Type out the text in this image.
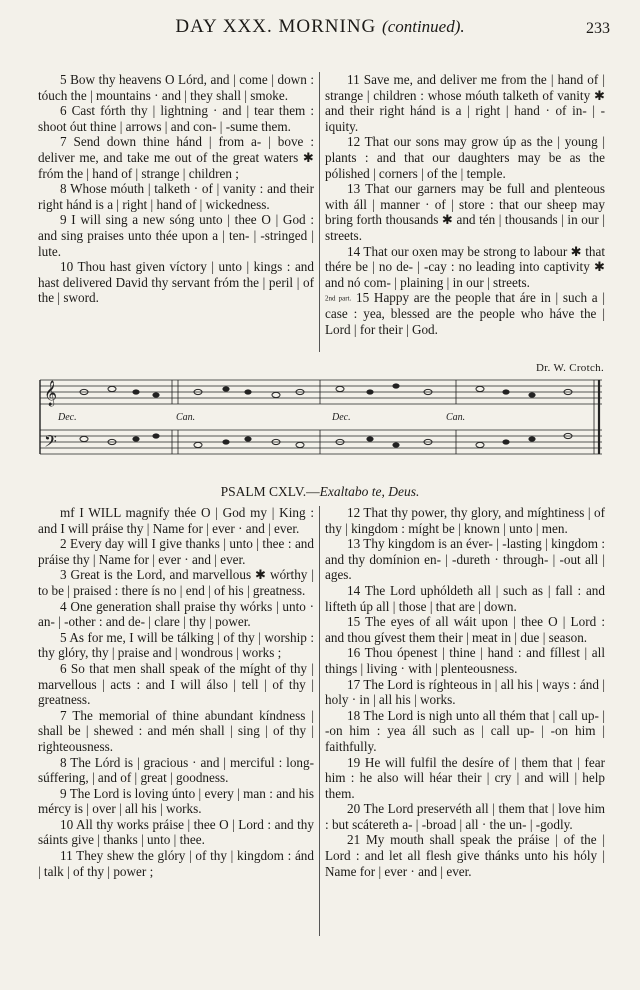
DAY XXX. MORNING (continued).	233

5 Bow thy heavens O Lórd, and | come | down : tóuch the | mountains · and | they shall | smoke.

6 Cast fórth thy | lightning · and | tear them : shoot óut thine | arrows | and con- | -sume them.

7 Send down thine hánd | from a- | bove : deliver me, and take me out of the great waters ✱ fróm the | hand of | strange | children ;

8 Whose móuth | talketh · of | vanity : and their right hánd is a | right | hand of | wickedness.

9 I will sing a new sóng unto | thee O | God : and sing praises unto thée upon a | ten- | -stringed | lute.

10 Thou hast given víctory | unto | kings : and hast delivered David thy servant fróm the | peril | of the | sword.

11 Save me, and deliver me from the | hand of | strange | children : whose móuth talketh of vanity ✱ and their right hánd is a | right | hand · of in- | -iquity.

12 That our sons may grow úp as the | young | plants : and that our daughters may be as the pólished | corners | of the | temple.

13 That our garners may be full and plenteous with áll | manner · of | store : that our sheep may bring forth thousands ✱ and tén | thousands | in our | streets.

14 That our oxen may be strong to labour ✱ that thére be | no de- | -cay : no leading into captivity ✱ and nó com- | plaining | in our | streets.

2nd part. 15 Happy are the people that áre in | such a | case : yea, blessed are the people who háve the | Lord | for their | God.

Dr. W. Crotch.
𝄞
𝄢
Dec.	Can.	Dec.	Can.
PSALM CXLV.—Exaltabo te, Deus.

mf I WILL magnify thée O | God my | King : and I will práise thy | Name for | ever · and | ever.

2 Every day will I give thanks | unto | thee : and práise thy | Name for | ever · and | ever.

3 Great is the Lord, and marvellous ✱ wórthy | to be | praised : there ís no | end | of his | greatness.

4 One generation shall praise thy wórks | unto · an- | -other : and de- | clare | thy | power.

5 As for me, I will be tálking | of thy | worship : thy glóry, thy | praise and | wondrous | works ;

6 So that men shall speak of the míght of thy | marvellous | acts : and I will álso | tell | of thy | greatness.

7 The memorial of thine abundant kíndness | shall be | shewed : and mén shall | sing | of thy | righteousness.

8 The Lórd is | gracious · and | merciful : long-súffering, | and of | great | goodness.

9 The Lord is loving únto | every | man : and his mércy is | over | all his | works.

10 All thy works práise | thee O | Lord : and thy sáints give | thanks | unto | thee.

11 They shew the glóry | of thy | kingdom : ánd | talk | of thy | power ;

12 That thy power, thy glory, and míghtiness | of thy | kingdom : míght be | known | unto | men.

13 Thy kingdom is an éver- | -lasting | kingdom : and thy domínion en- | -dureth · through- | -out all | ages.

14 The Lord uphóldeth all | such as | fall : and lifteth úp all | those | that are | down.

15 The eyes of all wáit upon | thee O | Lord : and thou gívest them their | meat in | due | season.

16 Thou ópenest | thine | hand : and fíllest | all things | living · with | plenteousness.

17 The Lord is ríghteous in | all his | ways : ánd | holy · in | all his | works.

18 The Lord is nigh unto all thém that | call up- | -on him : yea áll such as | call up- | -on him | faithfully.

19 He will fulfil the desíre of | them that | fear him : he also will héar their | cry | and will | help them.

20 The Lord preservéth all | them that | love him : but scátereth a- | -broad | all · the un- | -godly.

21 My mouth shall speak the práise | of the | Lord : and let all flesh give thánks unto his hóly | Name for | ever · and | ever.
